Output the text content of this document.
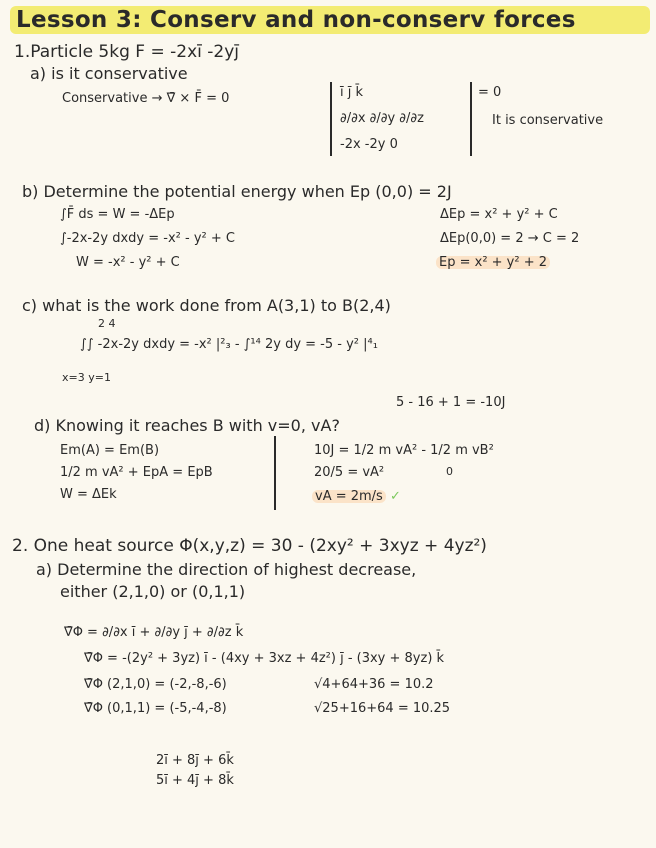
Lesson 3: Conserv and non-conserv forces
1.Particle 5kg F = -2xī -2yj̄
a) is it conservative
Conservative → ∇̄ × F̄ = 0	ī j̄ k̄
∂/∂x ∂/∂y ∂/∂z
-2x -2y 0
= 0
It is conservative
b) Determine the potential energy when Ep (0,0) = 2J
∫F̄ ds = W = -ΔEp
∫-2x-2y dxdy = -x² - y² + C
W = -x² - y² + C
ΔEp = x² + y² + C
ΔEp(0,0) = 2 → C = 2
Ep = x² + y² + 2
c) what is the work done from A(3,1) to B(2,4)
2 4
∫∫ -2x-2y dxdy = -x² |²₃ - ∫¹⁴ 2y dy = -5 - y² |⁴₁
x=3 y=1
5 - 16 + 1 = -10J
d) Knowing it reaches B with v=0, vA?
Em(A) = Em(B)
1/2 m vA² + EpA = EpB
W = ΔEk
10J = 1/2 m vA² - 1/2 m vB²
0
20/5 = vA²
vA = 2m/s ✓
2. One heat source Φ(x,y,z) = 30 - (2xy² + 3xyz + 4yz²)
a) Determine the direction of highest decrease,
either (2,1,0) or (0,1,1)
∇̄Φ = ∂/∂x ī + ∂/∂y j̄ + ∂/∂z k̄
∇̄Φ = -(2y² + 3yz) ī - (4xy + 3xz + 4z²) j̄ - (3xy + 8yz) k̄
∇̄Φ (2,1,0) = (-2,-8,-6)	√4+64+36 = 10.2
∇̄Φ (0,1,1) = (-5,-4,-8)	√25+16+64 = 10.25
2ī + 8j̄ + 6k̄
5ī + 4j̄ + 8k̄
